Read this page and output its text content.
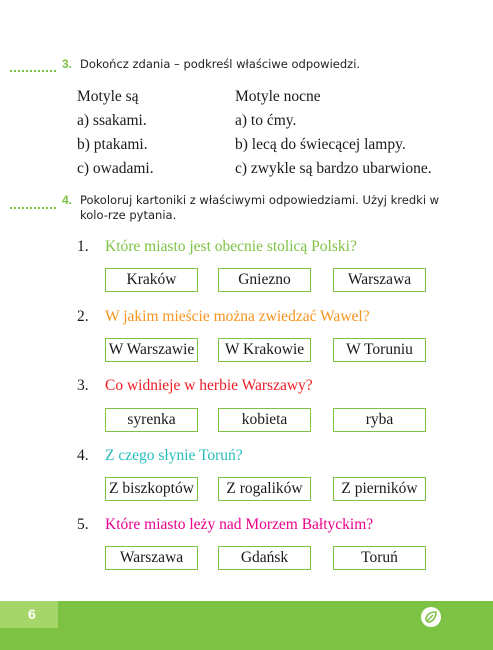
3. Dokończ zdania – podkreśl właściwe odpowiedzi.
Motyle są
a) ssakami.
b) ptakami.
c) owadami.
Motyle nocne
a) to ćmy.
b) lecą do świecącej lampy.
c) zwykle są bardzo ubarwione.
4. Pokoloruj kartoniki z właściwymi odpowiedziami. Użyj kredki w kolo-rze pytania.
1. Które miasto jest obecnie stolicą Polski?
Kraków	Gniezno	Warszawa
2. W jakim mieście można zwiedzać Wawel?
W Warszawie	W Krakowie	W Toruniu
3. Co widnieje w herbie Warszawy?
syrenka	kobieta	ryba
4. Z czego słynie Toruń?
Z biszkoptów	Z rogalików	Z pierników
5. Które miasto leży nad Morzem Bałtyckim?
Warszawa	Gdańsk	Toruń
6
